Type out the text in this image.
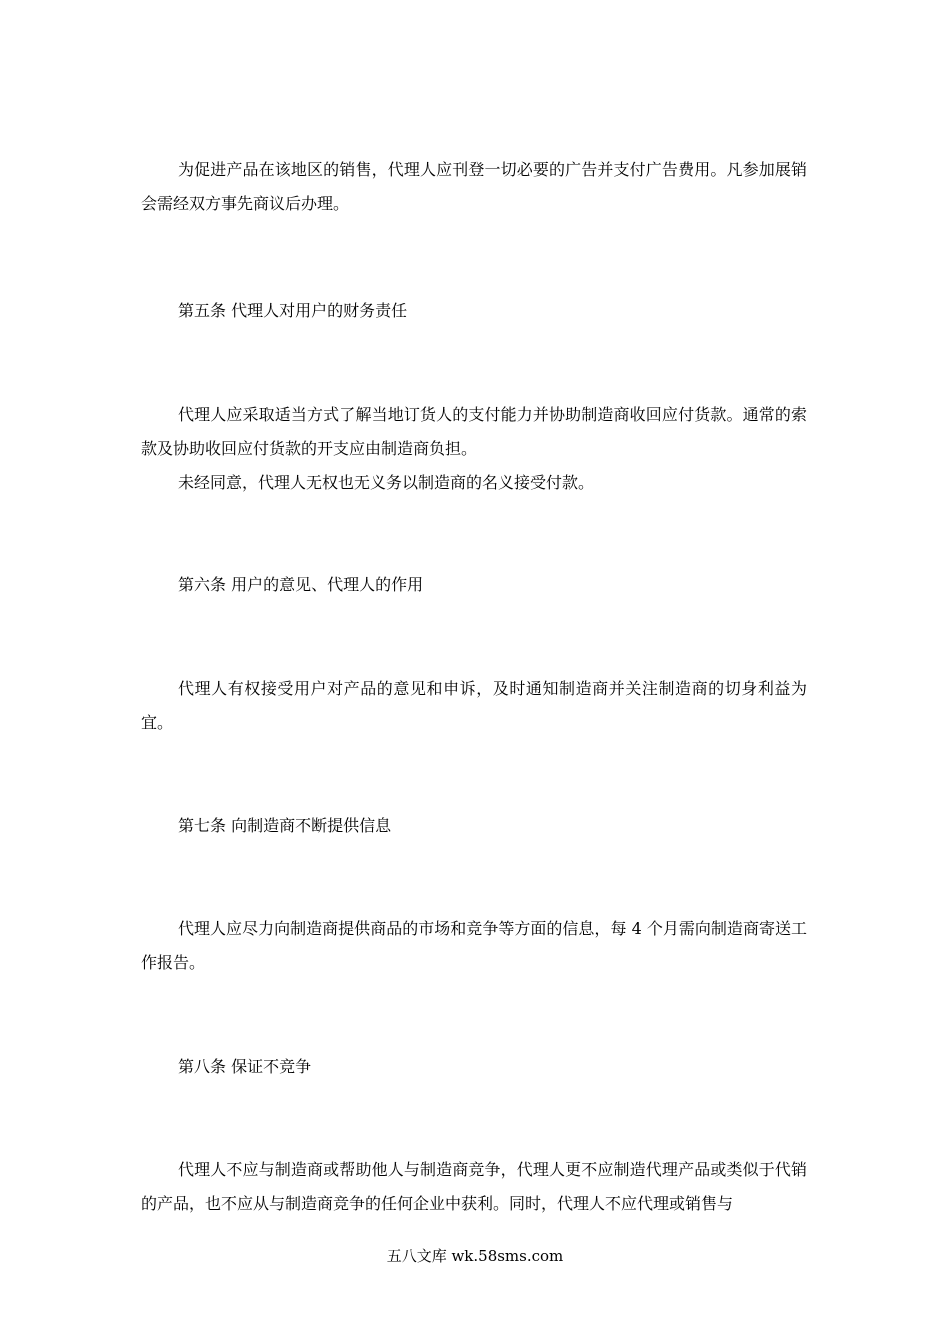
为促进产品在该地区的销售，代理人应刊登一切必要的广告并支付广告费用。凡参加展销会需经双方事先商议后办理。

第五条 代理人对用户的财务责任

代理人应采取适当方式了解当地订货人的支付能力并协助制造商收回应付货款。通常的索款及协助收回应付货款的开支应由制造商负担。

未经同意，代理人无权也无义务以制造商的名义接受付款。

第六条 用户的意见、代理人的作用

代理人有权接受用户对产品的意见和申诉，及时通知制造商并关注制造商的切身利益为宜。

第七条 向制造商不断提供信息

代理人应尽力向制造商提供商品的市场和竞争等方面的信息，每 4 个月需向制造商寄送工作报告。

第八条 保证不竞争

代理人不应与制造商或帮助他人与制造商竞争，代理人更不应制造代理产品或类似于代销的产品，也不应从与制造商竞争的任何企业中获利。同时，代理人不应代理或销售与

五八文库 wk.58sms.com
